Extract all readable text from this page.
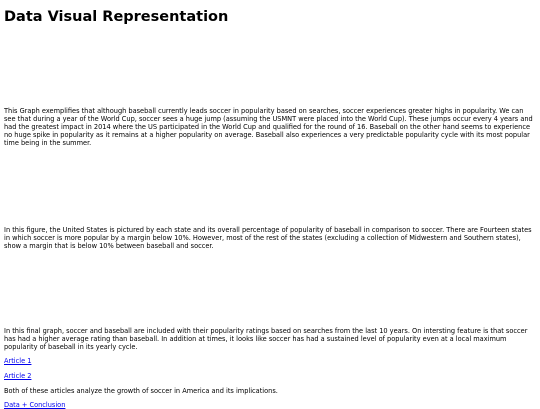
Data Visual Representation

This Graph exemplifies that although baseball currently leads soccer in popularity based on searches, soccer experiences greater highs in popularity. We can see that during a year of the World Cup, soccer sees a huge jump (assuming the USMNT were placed into the World Cup). These jumps occur every 4 years and had the greatest impact in 2014 where the US participated in the World Cup and qualified for the round of 16. Baseball on the other hand seems to experience no huge spike in popularity as it remains at a higher popularity on average. Baseball also experiences a very predictable popularity cycle with its most popular time being in the summer.

In this figure, the United States is pictured by each state and its overall percentage of popularity of baseball in comparison to soccer. There are Fourteen states in which soccer is more popular by a margin below 10%. However, most of the rest of the states (excluding a collection of Midwestern and Southern states), show a margin that is below 10% between baseball and soccer.

In this final graph, soccer and baseball are included with their popularity ratings based on searches from the last 10 years. On intersting feature is that soccer has had a higher average rating than baseball. In addition at times, it looks like soccer has had a sustained level of popularity even at a local maximum popularity of baseball in its yearly cycle.

Article 1
Article 2

Both of these articles analyze the growth of soccer in America and its implications.

Data + Conclusion
